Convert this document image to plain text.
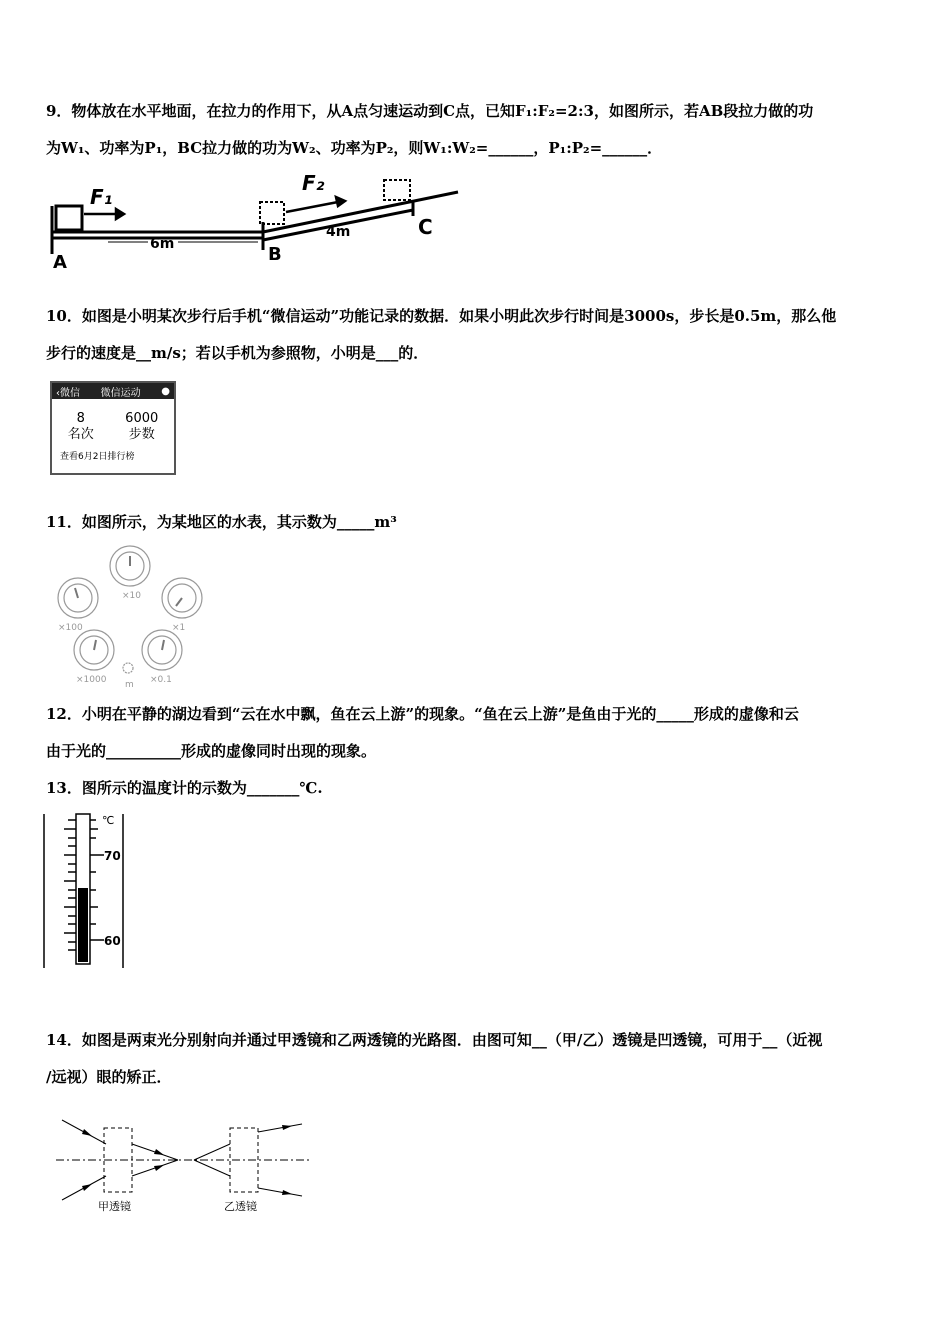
9．物体放在水平地面，在拉力的作用下，从A点匀速运动到C点，已知F₁:F₂=2:3，如图所示，若AB段拉力做的功

为W₁、功率为P₁，BC拉力做的功为W₂、功率为P₂，则W₁:W₂=______，P₁:P₂=______．

F₁
F₂
A	B
C
6m
4m

10．如图是小明某次步行后手机“微信运动”功能记录的数据．如果小明此次步行时间是3000s，步长是0.5m，那么他

步行的速度是__m/s；若以手机为参照物，小明是___的．

‹微信 微信运动 ●
8
名次
6000
步数
查看6月2日排行榜

11．如图所示，为某地区的水表，其示数为_____m³

×10
×100	×1
×1000	×0.1
m

12．小明在平静的湖边看到“云在水中飘，鱼在云上游”的现象。“鱼在云上游”是鱼由于光的_____形成的虚像和云

由于光的__________形成的虚像同时出现的现象。

13．图所示的温度计的示数为_______℃.

℃
70
60

14．如图是两束光分别射向并通过甲透镜和乙两透镜的光路图．由图可知__（甲/乙）透镜是凹透镜，可用于__（近视

/远视）眼的矫正．

甲透镜	乙透镜
